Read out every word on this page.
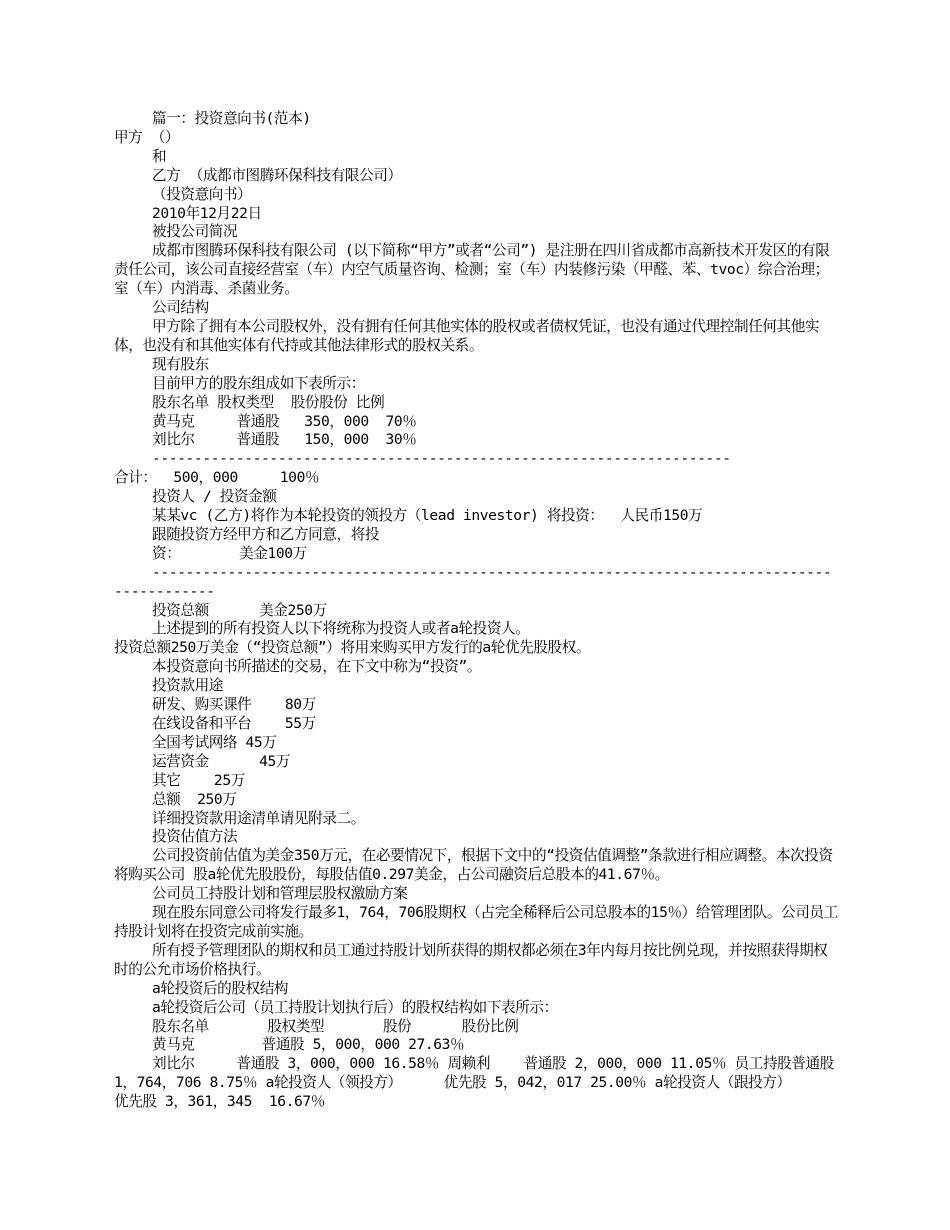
篇一：投资意向书(范本)
甲方 （）
和
乙方 （成都市图腾环保科技有限公司）
（投资意向书）
2010年12月22日
被投公司简况
成都市图腾环保科技有限公司 (以下简称“甲方”或者“公司”) 是注册在四川省成都市高新技术开发区的有限责任公司，该公司直接经营室（车）内空气质量咨询、检测；室（车）内装修污染（甲醛、苯、tvoc）综合治理；室（车）内消毒、杀菌业务。
公司结构
甲方除了拥有本公司股权外，没有拥有任何其他实体的股权或者债权凭证，也没有通过代理控制任何其他实体，也没有和其他实体有代持或其他法律形式的股权关系。
现有股东
目前甲方的股东组成如下表所示：
股东名单 股权类型  股份股份 比例
黄马克     普通股   350，000  70％
刘比尔     普通股   150，000  30％
---------------------------------------------------------------------
合计：  500，000     100％
投资人 / 投资金额
某某vc (乙方)将作为本轮投资的领投方（lead investor) 将投资：  人民币150万
跟随投资方经甲方和乙方同意，将投
资：       美金100万
---------------------------------------------------------------------------------------------
投资总额      美金250万
上述提到的所有投资人以下将统称为投资人或者a轮投资人。
投资总额250万美金（“投资总额”）将用来购买甲方发行的a轮优先股股权。
本投资意向书所描述的交易，在下文中称为“投资”。
投资款用途
研发、购买课件    80万
在线设备和平台    55万
全国考试网络 45万
运营资金      45万
其它    25万
总额  250万
详细投资款用途清单请见附录二。
投资估值方法
公司投资前估值为美金350万元，在必要情况下，根据下文中的“投资估值调整”条款进行相应调整。本次投资将购买公司 股a轮优先股股份，每股估值0.297美金，占公司融资后总股本的41.67％。
公司员工持股计划和管理层股权激励方案
现在股东同意公司将发行最多1，764，706股期权（占完全稀释后公司总股本的15％）给管理团队。公司员工持股计划将在投资完成前实施。
所有授予管理团队的期权和员工通过持股计划所获得的期权都必须在3年内每月按比例兑现，并按照获得期权时的公允市场价格执行。
a轮投资后的股权结构
a轮投资后公司（员工持股计划执行后）的股权结构如下表所示：
股东名单       股权类型       股份      股份比例
黄马克        普通股 5，000，000 27.63％
刘比尔     普通股 3，000，000 16.58％ 周赖利    普通股 2，000，000 11.05％ 员工持股普通股 1，764，706 8.75％ a轮投资人（领投方）     优先股 5，042，017 25.00％ a轮投资人（跟投方）     优先股 3，361，345  16.67％
